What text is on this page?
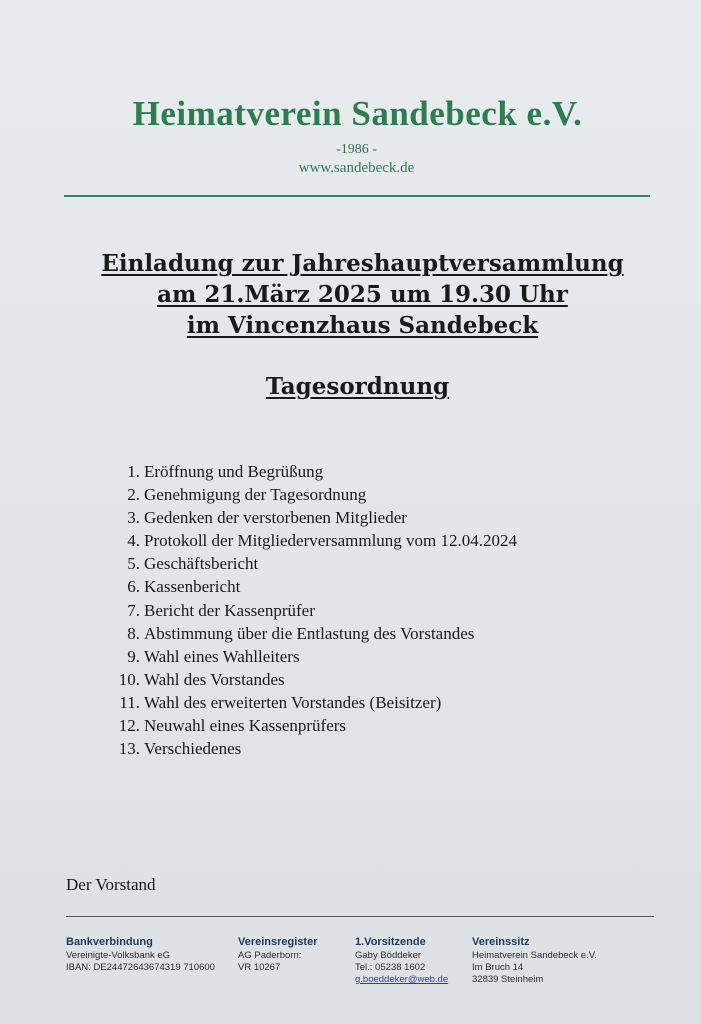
Heimatverein Sandebeck e.V.
-1986 -
www.sandebeck.de
Einladung zur Jahreshauptversammlung
am 21.März 2025 um 19.30 Uhr
im Vincenzhaus Sandebeck
Tagesordnung
1. Eröffnung und Begrüßung
2. Genehmigung der Tagesordnung
3. Gedenken der verstorbenen Mitglieder
4. Protokoll der Mitgliederversammlung vom 12.04.2024
5. Geschäftsbericht
6. Kassenbericht
7. Bericht der Kassenprüfer
8. Abstimmung über die Entlastung des Vorstandes
9. Wahl eines Wahlleiters
10. Wahl des Vorstandes
11. Wahl des erweiterten Vorstandes (Beisitzer)
12. Neuwahl eines Kassenprüfers
13. Verschiedenes
Der Vorstand
Bankverbindung
Vereinigte-Volksbank eG
IBAN: DE24472643674319 710600
Vereinsregister
AG Paderborn:
VR 10267
1.Vorsitzende
Gaby Böddeker
Tel.: 05238 1602
g.boeddeker@web.de
Vereinssitz
Heimatverein Sandebeck e.V.
Im Bruch 14
32839 Steinheim
